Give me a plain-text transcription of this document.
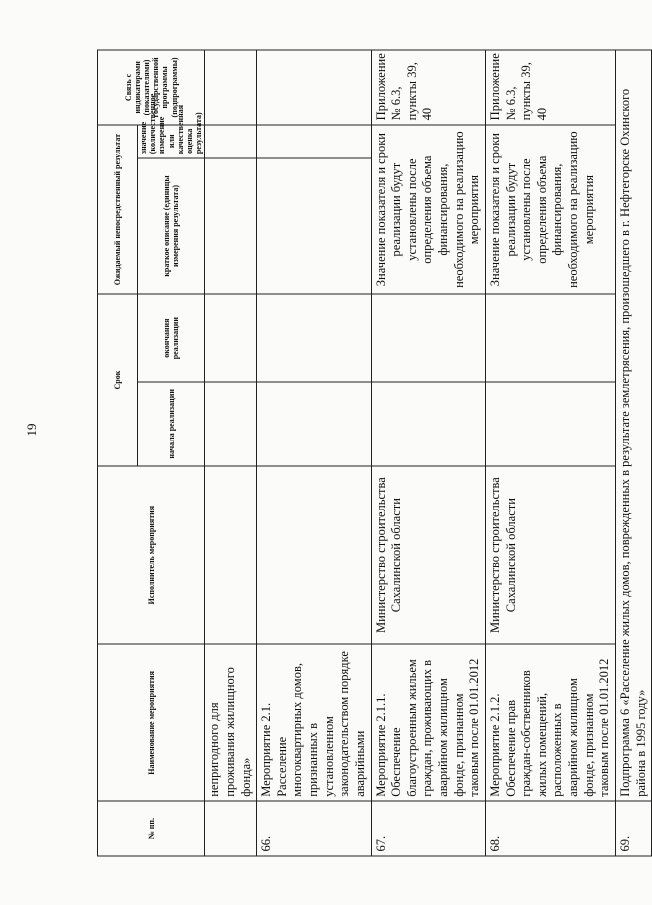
19
№ пп.	Наименование мероприятия	Исполнитель мероприятия	Срок		Ожидаемый непосредственный результат		Связь с индикаторами (показателями) государственной программы (подпрограммы)
			начала реализации	окончания реализации	краткое описание (единицы измерения результата)	значение (количественное измерение или качественная оценка результата)	
	непригодного для проживания жилищного фонда»						
66.	Мероприятие 2.1. Расселение многоквартирных домов, признанных в установленном законодательством порядке аварийными						
67.	Мероприятие 2.1.1. Обеспечение благоустроенным жильем граждан, проживающих в аварийном жилищном фонде, признанном таковым после 01.01.2012	Министерство строительства Сахалинской области			Значение показателя и сроки реализации будут установлены после определения объема финансирования, необходимого на реализацию мероприятия		Приложение № 6.3, пункты 39, 40
68.	Мероприятие 2.1.2. Обеспечение прав граждан-собственников жилых помещений, расположенных в аварийном жилищном фонде, признанном таковым после 01.01.2012	Министерство строительства Сахалинской области			Значение показателя и сроки реализации будут установлены после определения объема финансирования, необходимого на реализацию мероприятия		Приложение № 6.3, пункты 39, 40
69.	Подпрограмма 6 «Расселение жилых домов, поврежденных в результате землетрясения, произошедшего в г. Нефтегорске Охинского района в 1995 году»						
